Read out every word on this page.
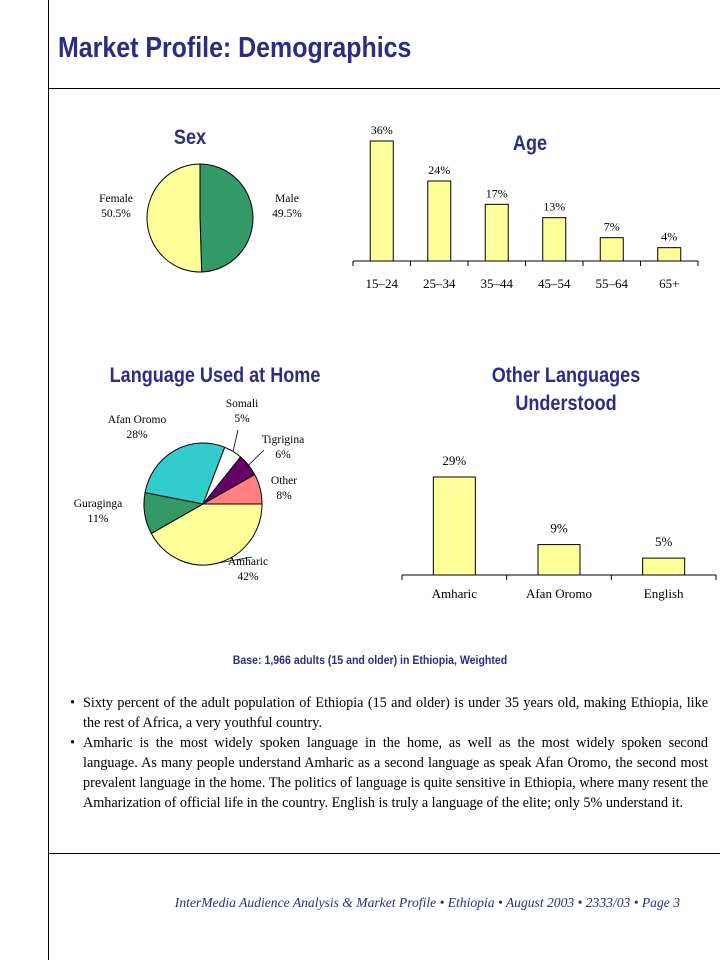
Market Profile: Demographics
Sex
Male
49.5%
Female
50.5%
Age
36%
15–24
24%
25–34
17%
35–44
13%
45–54
7%
55–64
4%
65+
Language Used at Home
Amharic
42%
Guraginga
11%
Afan Oromo
28%
Somali
5%
Tigrigina
6%
Other
8%
Other Languages Understood
29%
Amharic
9%
Afan Oromo
5%
English
Base: 1,966 adults (15 and older) in Ethiopia, Weighted
• Sixty percent of the adult population of Ethiopia (15 and older) is under 35 years old, making Ethiopia, like the rest of Africa, a very youthful country.
• Amharic is the most widely spoken language in the home, as well as the most widely spoken second language. As many people understand Amharic as a second language as speak Afan Oromo, the second most prevalent language in the home. The politics of language is quite sensitive in Ethiopia, where many resent the Amharization of official life in the country. English is truly a language of the elite; only 5% understand it.
InterMedia Audience Analysis & Market Profile • Ethiopia • August 2003 • 2333/03 • Page 3
